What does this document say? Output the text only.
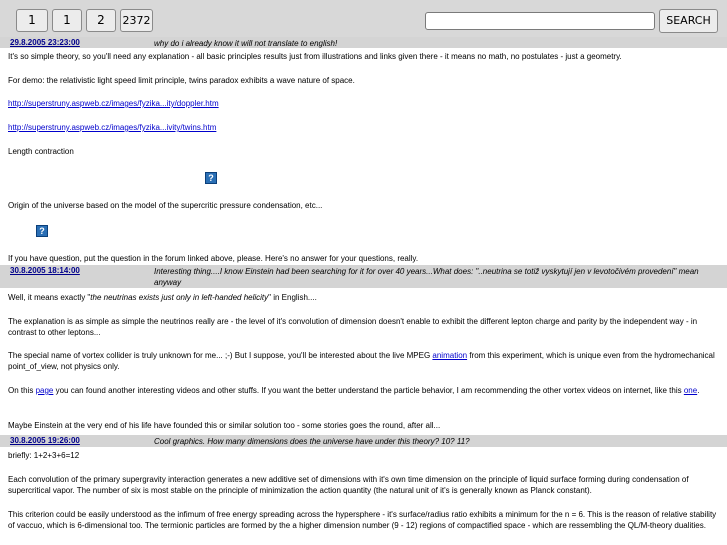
1	1	2	2372	SEARCH
29.8.2005 23:23:00	why do i already know it will not translate to english!
It's so simple theory, so you'll need any explanation - all basic principles results just from illustrations and links given there - it means no math, no postulates - just a geometry.
For demo: the relativistic light speed limit principle, twins paradox exhibits a wave nature of space.
http://superstruny.aspweb.cz/images/fyzika...ity/doppler.htm
http://superstruny.aspweb.cz/images/fyzika...ivity/twins.htm
Length contraction
?
Origin of the universe based on the model of the supercritic pressure condensation, etc...
?
If you have question, put the question in the forum linked above, please. Here's no answer for your questions, really.
30.8.2005 18:14:00	Interesting thing....I know Einstein had been searching for it for over 40 years...What does: "..neutrina se totiž vyskytují jen v levotočivém provedení" mean anyway
Well, it means exactly "the neutrinas exists just only in left-handed helicity" in English....
The explanation is as simple as simple the neutrinos really are - the level of it's convolution of dimension doesn't enable to exhibit the different lepton charge and parity by the independent way - in contrast to other leptons...
The special name of vortex collider is truly unknown for me... ;-) But I suppose, you'll be interested about the live MPEG animation from this experiment, which is unique even from the hydromechanical point_of_view, not physics only.
On this page you can found another interesting videos and other stuffs. If you want the better understand the particle behavior, I am recommending the other vortex videos on internet, like this one.
Maybe Einstein at the very end of his life have founded this or similar solution too - some stories goes the round, after all...
30.8.2005 19:26:00	Cool graphics. How many dimensions does the universe have under this theory? 10? 11?
briefly: 1+2+3+6=12
Each convolution of the primary supergravity interaction generates a new additive set of dimensions with it's own time dimension on the principle of liquid surface forming during condensation of supercritical vapor. The number of six is most stable on the principle of minimization the action quantity (the natural unit of it's is generally known as Planck constant).
This criterion could be easily understood as the infimum of free energy spreading across the hypersphere - it's surface/radius ratio exhibits a minimum for the n = 6. This is the reason of relative stability of vaccuo, which is 6-dimensional too. The termionic particles are formed by the a higher dimension number (9 - 12) regions of compactified space - which are ressembling the QL/M-theory dualities.
